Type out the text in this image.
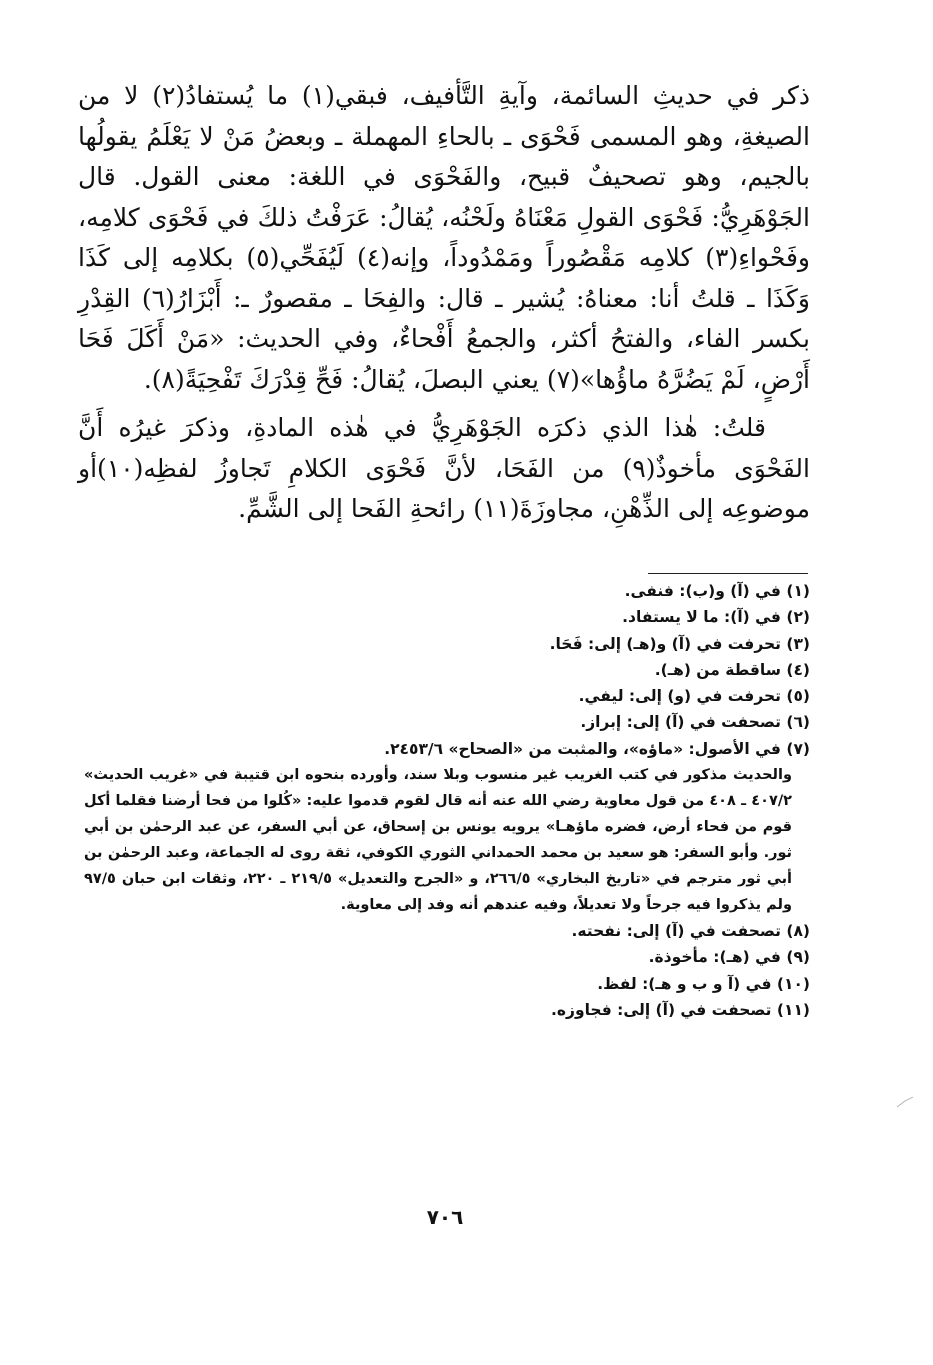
ذكر في حديثِ السائمة، وآيةِ التَّأفيف، فبقي(١) ما يُستفادُ(٢) لا من الصيغةِ، وهو المسمى فَحْوَى ـ بالحاءِ المهملة ـ وبعضُ مَنْ لا يَعْلَمُ يقولُها بالجيم، وهو تصحيفٌ قبيح، والفَحْوَى في اللغة: معنى القول. قال الجَوْهَرِيُّ: فَحْوَى القولِ مَعْنَاهُ ولَحْنُه، يُقالُ: عَرَفْتُ ذلكَ في فَحْوَى كلامِه، وفَحْواءِ(٣) كلامِه مَقْصُوراً ومَمْدُوداً، وإنه(٤) لَيُفَحِّي(٥) بكلامِه إلى كَذَا وَكَذَا ـ قلتُ أنا: معناهُ: يُشير ـ قال: والفِحَا ـ مقصورٌ ـ: أَبْزَارُ(٦) القِدْرِ بكسر الفاء، والفتحُ أكثر، والجمعُ أَفْحاءٌ، وفي الحديث: «مَنْ أَكَلَ فَحَا أَرْضٍ، لَمْ يَضُرَّهُ ماؤُها»(٧) يعني البصلَ، يُقالُ: فَحِّ قِدْرَكَ تَفْحِيَةً(٨).

قلتُ: هٰذا الذي ذكرَه الجَوْهَرِيُّ في هٰذه المادةِ، وذكرَ غيرُه أَنَّ الفَحْوَى مأخوذٌ(٩) من الفَحَا، لأنَّ فَحْوَى الكلامِ تَجاوزُ لفظِه(١٠)أو موضوعِه إلى الذِّهْنِ، مجاوزَةَ(١١) رائحةِ الفَحا إلى الشَّمِّ.

(١) في (آ) و(ب): فنفى.
(٢) في (آ): ما لا يستفاد.
(٣) تحرفت في (آ) و(هـ) إلى: فَحَا.
(٤) ساقطة من (هـ).
(٥) تحرفت في (و) إلى: ليفي.
(٦) تصحفت في (آ) إلى: إبراز.
(٧) في الأصول: «ماؤه»، والمثبت من «الصحاح» ٢٤٥٣/٦.
والحديث مذكور في كتب الغريب غير منسوب وبلا سند، وأورده بنحوه ابن قتيبة في «غريب الحديث» ٤٠٧/٢ ـ ٤٠٨ من قول معاوية رضي الله عنه أنه قال لقوم قدموا عليه: «كُلوا من فحا أرضنا فقلما أكل قوم من فحاء أرض، فضره ماؤهـا» يرويه يونس بن إسحاق، عن أبي السفر، عن عبد الرحمٰن بن أبي ثور. وأبو السفر: هو سعيد بن محمد الحمداني الثوري الكوفي، ثقة روى له الجماعة، وعبد الرحمٰن بن أبي ثور مترجم في «تاريخ البخاري» ٢٦٦/٥، و «الجرح والتعديل» ٢١٩/٥ ـ ٢٢٠، وثقات ابن حبان ٩٧/٥ ولم يذكروا فيه جرحاً ولا تعديلاً، وفيه عندهم أنه وفد إلى معاوية.
(٨) تصحفت في (آ) إلى: نفحته.
(٩) في (هـ): مأخوذة.
(١٠) في (آ و ب و هـ): لفظ.
(١١) تصحفت في (آ) إلى: فجاوزه.
٧٠٦
